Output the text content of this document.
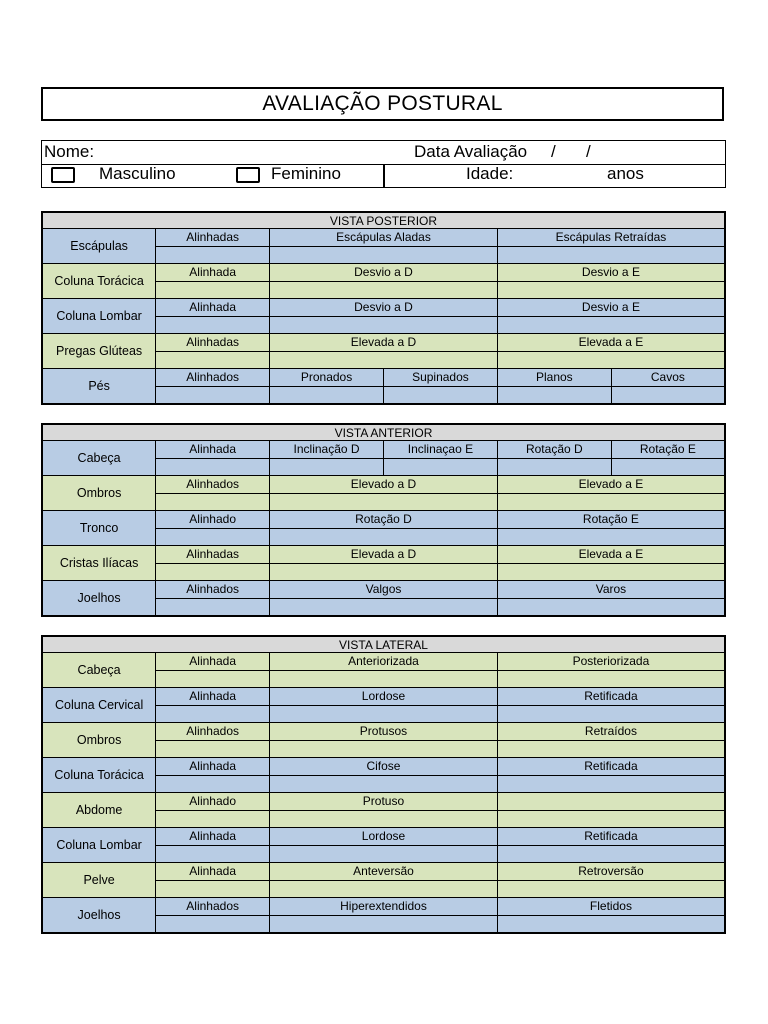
AVALIAÇÃO POSTURAL
Nome:	Data Avaliação / /
Masculino	Feminino	Idade:	anos
VISTA POSTERIOR					
Escápulas	Alinhadas	Escápulas Aladas		Escápulas Retraídas	

Coluna Torácica	Alinhada	Desvio a D		Desvio a E	

Coluna Lombar	Alinhada	Desvio a D		Desvio a E	

Pregas Glúteas	Alinhadas	Elevada a D		Elevada a E	

Pés	Alinhados	Pronados	Supinados	Planos	Cavos

VISTA ANTERIOR					
Cabeça	Alinhada	Inclinação D	Inclinaçao E	Rotação D	Rotação E

Ombros	Alinhados	Elevado a D		Elevado a E	

Tronco	Alinhado	Rotação D		Rotação E	

Cristas Ilíacas	Alinhadas	Elevada a D		Elevada a E	

Joelhos	Alinhados	Valgos		Varos	

VISTA LATERAL			
Cabeça	Alinhada	Anteriorizada	Posteriorizada

Coluna Cervical	Alinhada	Lordose	Retificada

Ombros	Alinhados	Protusos	Retraídos

Coluna Torácica	Alinhada	Cifose	Retificada

Abdome	Alinhado	Protuso	

Coluna Lombar	Alinhada	Lordose	Retificada

Pelve	Alinhada	Anteversão	Retroversão

Joelhos	Alinhados	Hiperextendidos	Fletidos
